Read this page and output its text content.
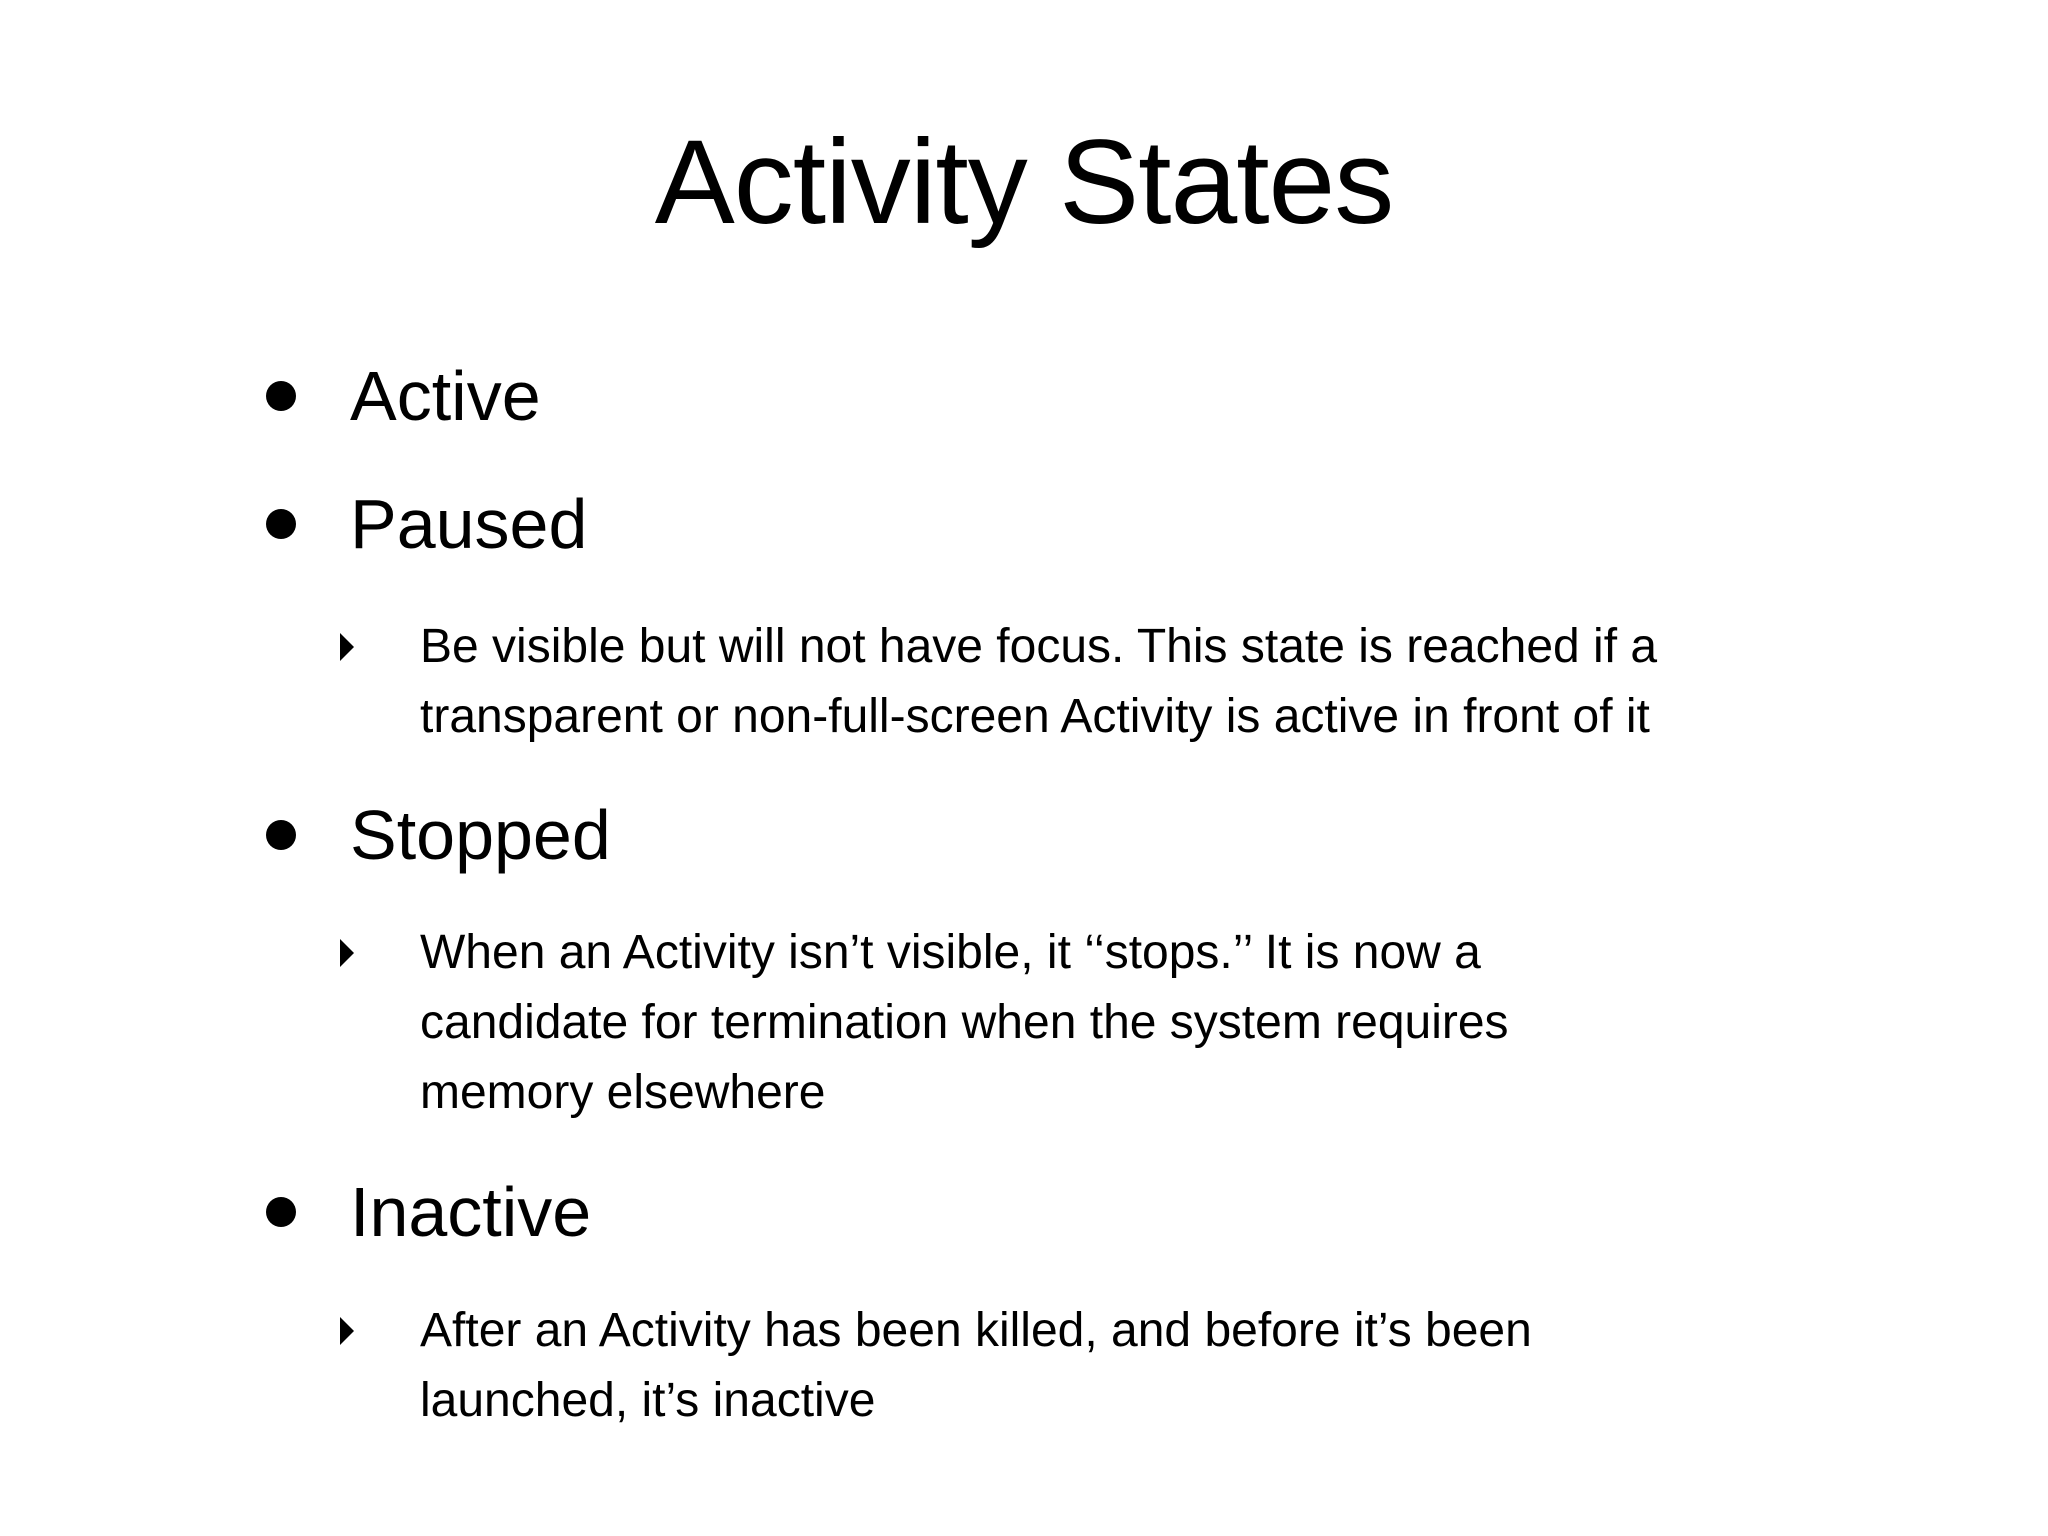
Activity States
Active
Paused
Be visible but will not have focus. This state is reached if a
transparent or non-full-screen Activity is active in front of it
Stopped
When an Activity isn’t visible, it ‘‘stops.’’ It is now a
candidate for termination when the system requires
memory elsewhere
Inactive
After an Activity has been killed, and before it’s been
launched, it’s inactive
